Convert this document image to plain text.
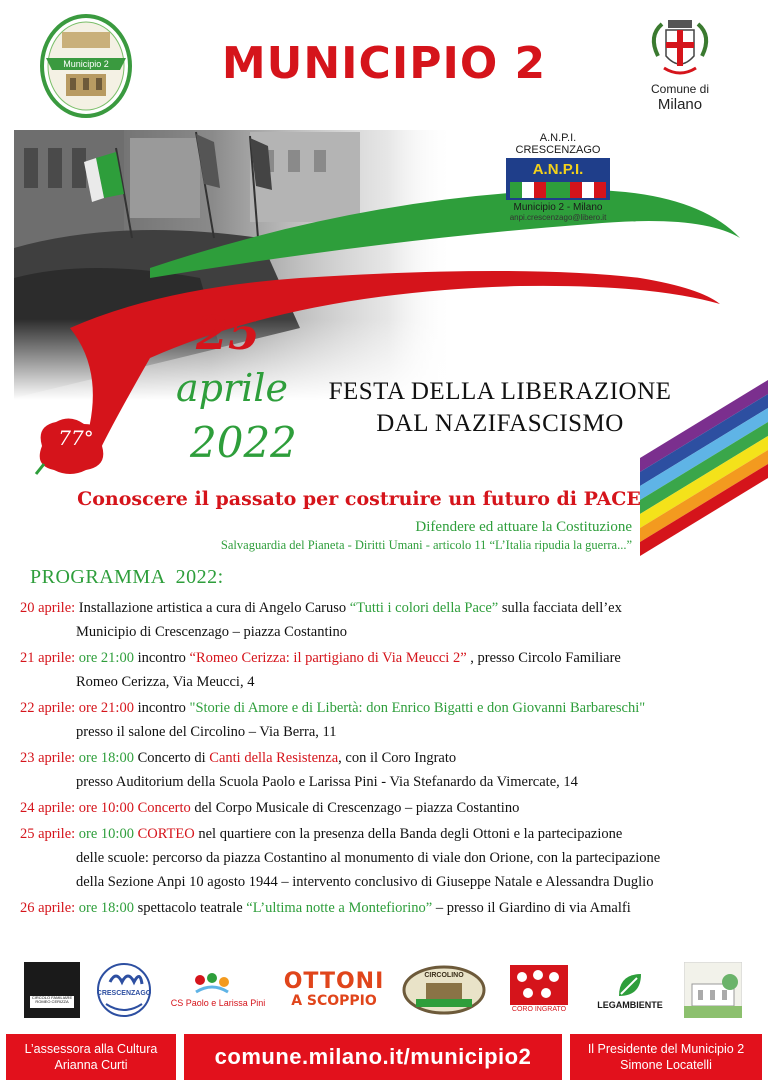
Municipio 2	MUNICIPIO 2	Comune di
Milano
A.N.P.I.
CRESCENZAGO
A.N.P.I.
Municipio 2 - Milano
anpi.crescenzago@libero.it
25
aprile
2022
77°
FESTA DELLA LIBERAZIONE
DAL NAZIFASCISMO
Conoscere il passato per costruire un futuro di PACE
Difendere ed attuare la Costituzione
Salvaguardia del Pianeta - Diritti Umani - articolo 11 “L’Italia ripudia la guerra...”
PROGRAMMA 2022:
20 aprile: Installazione artistica a cura di Angelo Caruso “Tutti i colori della Pace” sulla facciata dell’ex
Municipio di Crescenzago – piazza Costantino
21 aprile: ore 21:00 incontro “Romeo Cerizza: il partigiano di Via Meucci 2” , presso Circolo Familiare
Romeo Cerizza, Via Meucci, 4
22 aprile: ore 21:00 incontro "Storie di Amore e di Libertà: don Enrico Bigatti e don Giovanni Barbareschi"
presso il salone del Circolino – Via Berra, 11
23 aprile: ore 18:00 Concerto di Canti della Resistenza, con il Coro Ingrato
presso Auditorium della Scuola Paolo e Larissa Pini - Via Stefanardo da Vimercate, 14
24 aprile: ore 10:00 Concerto del Corpo Musicale di Crescenzago – piazza Costantino
25 aprile: ore 10:00 CORTEO nel quartiere con la presenza della Banda degli Ottoni e la partecipazione
delle scuole: percorso da piazza Costantino al monumento di viale don Orione, con la partecipazione
della Sezione Anpi 10 agosto 1944 – intervento conclusivo di Giuseppe Natale e Alessandra Duglio
26 aprile: ore 18:00 spettacolo teatrale “L’ultima notte a Montefiorino” – presso il Giardino di via Amalfi
CIRCOLO FAMILIARE ROMEO CERIZZA
CRESCENZAGO
CS Paolo e Larissa Pini
OTTONI
A SCOPPIO
CIRCOLINO
CORO INGRATO	LEGAMBIENTE
L’assessora alla Cultura
Arianna Curti	comune.milano.it/municipio2	Il Presidente del Municipio 2
Simone Locatelli
